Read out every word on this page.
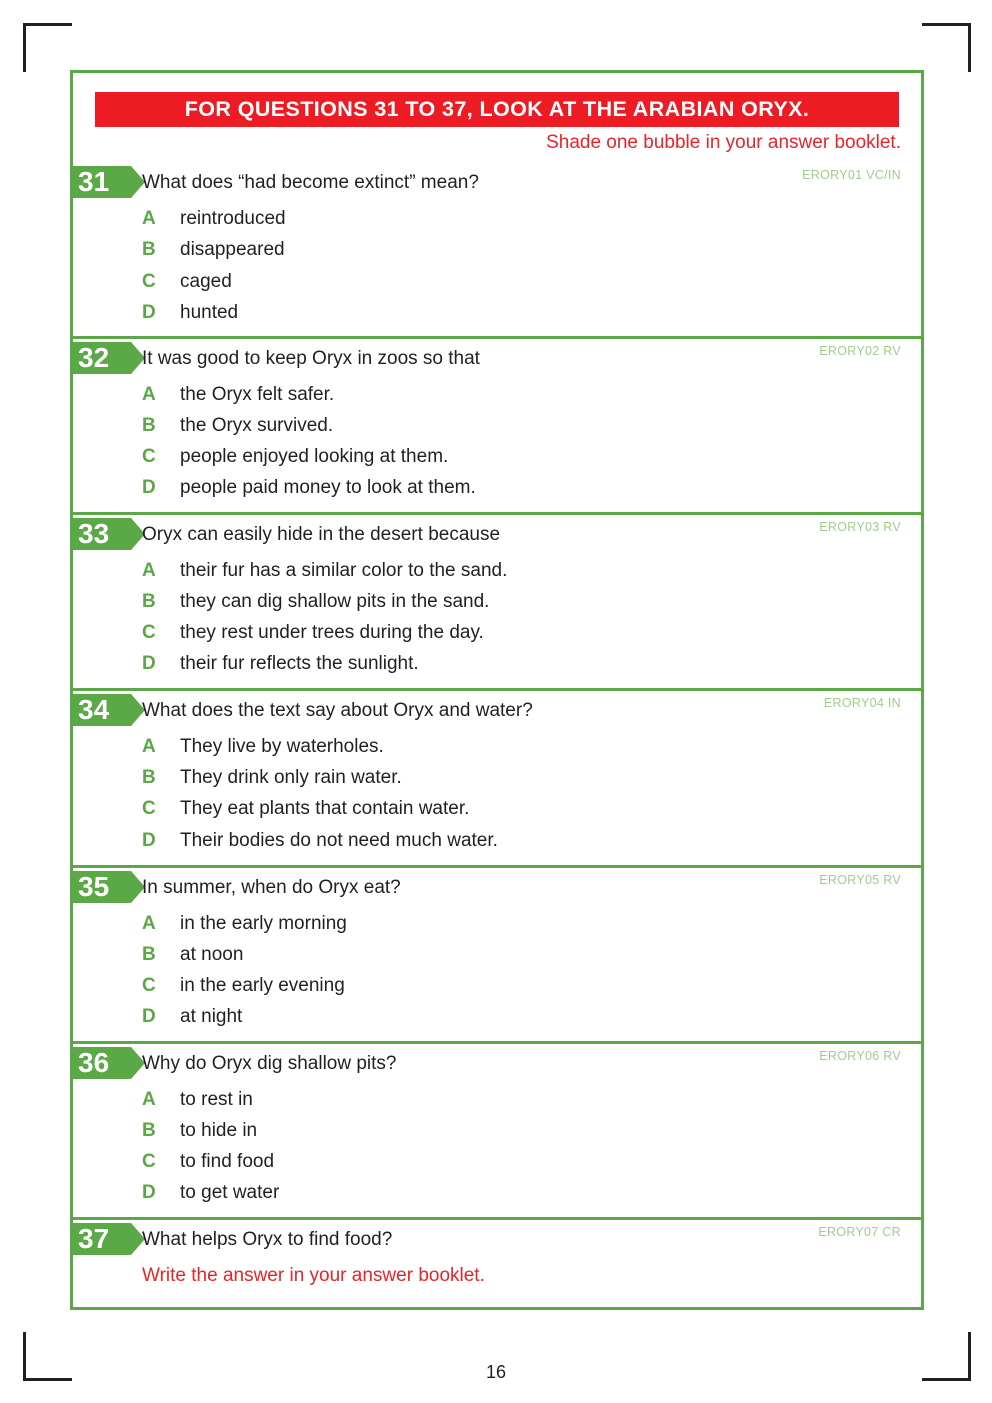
FOR QUESTIONS 31 TO 37, LOOK AT THE ARABIAN ORYX.
Shade one bubble in your answer booklet.
31	ERORY01 VC/IN
What does “had become extinct” mean?
A reintroduced
B disappeared
C caged
D hunted
32	ERORY02 RV
It was good to keep Oryx in zoos so that
A the Oryx felt safer.
B the Oryx survived.
C people enjoyed looking at them.
D people paid money to look at them.
33	ERORY03 RV
Oryx can easily hide in the desert because
A their fur has a similar color to the sand.
B they can dig shallow pits in the sand.
C they rest under trees during the day.
D their fur reflects the sunlight.
34	ERORY04 IN
What does the text say about Oryx and water?
A They live by waterholes.
B They drink only rain water.
C They eat plants that contain water.
D Their bodies do not need much water.
35	ERORY05 RV
In summer, when do Oryx eat?
A in the early morning
B at noon
C in the early evening
D at night
36	ERORY06 RV
Why do Oryx dig shallow pits?
A to rest in
B to hide in
C to find food
D to get water
37	ERORY07 CR
What helps Oryx to find food?
Write the answer in your answer booklet.
16
